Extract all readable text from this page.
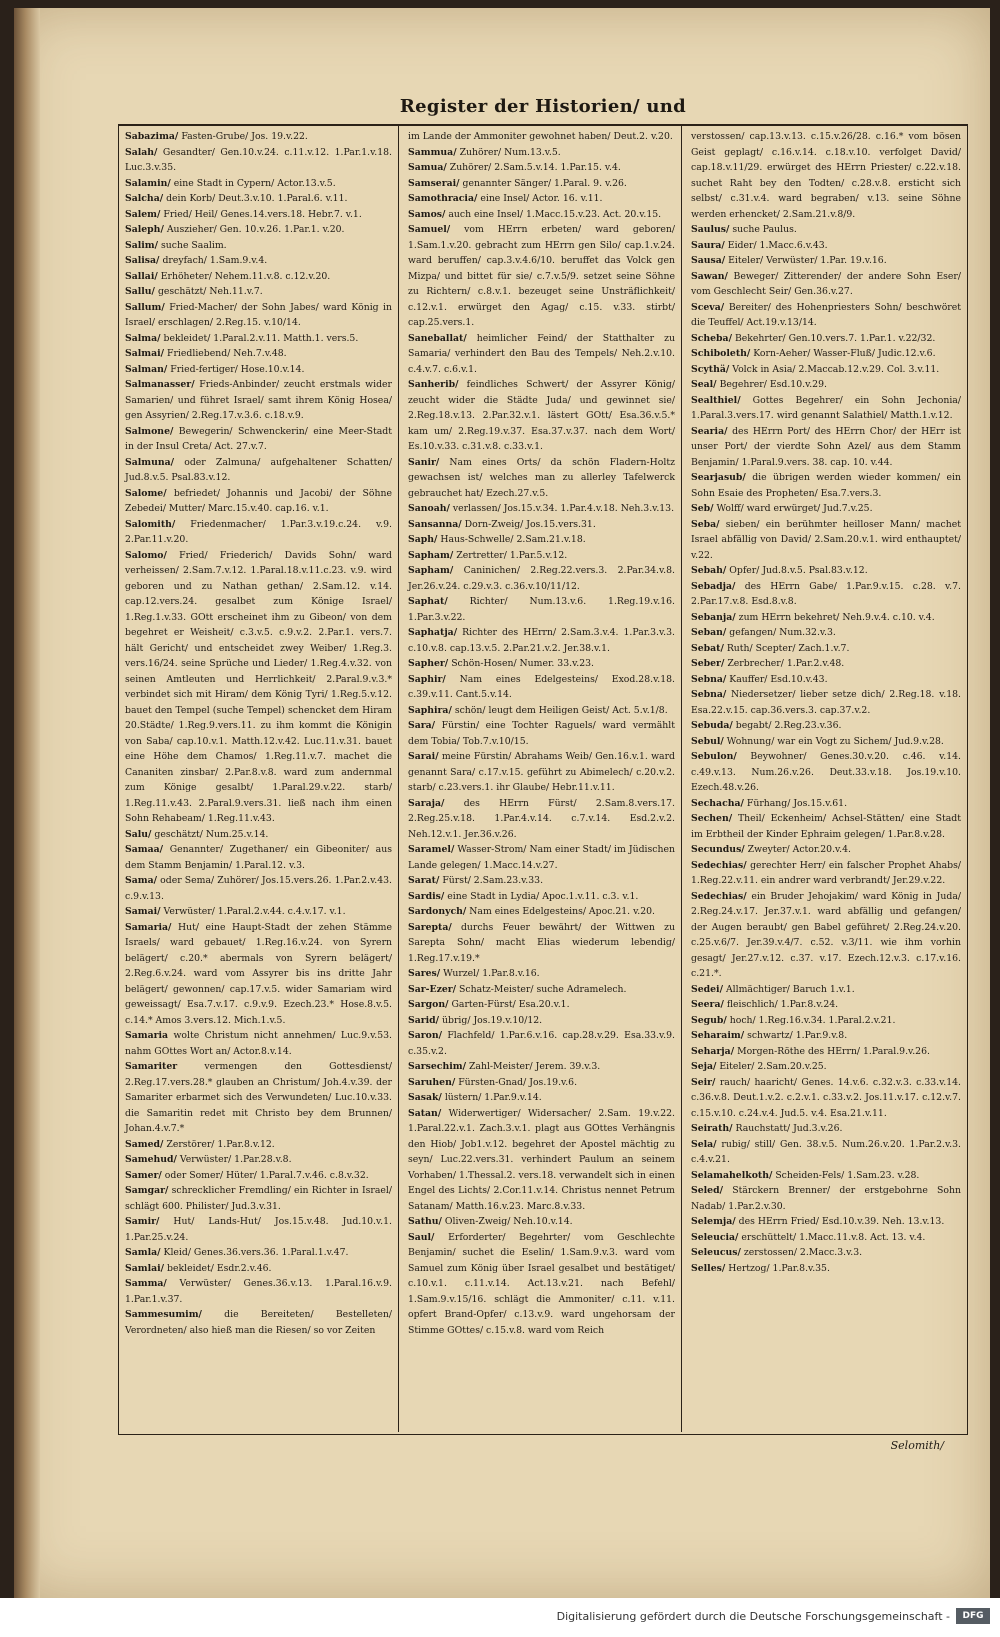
Register der Historien/ und
Sabazima/ Fasten-Grube/ Jos. 19.v.22.
Salah/ Gesandter/ Gen.10.v.24. c.11.v.12. 1.Par.1.v.18. Luc.3.v.35.
Salamin/ eine Stadt in Cypern/ Actor.13.v.5.
Salcha/ dein Korb/ Deut.3.v.10. 1.Paral.6. v.11.
Salem/ Fried/ Heil/ Genes.14.vers.18. Hebr.7. v.1.
Saleph/ Auszieher/ Gen. 10.v.26. 1.Par.1. v.20.
Salim/ suche Saalim.
Salisa/ dreyfach/ 1.Sam.9.v.4.
Sallai/ Erhöheter/ Nehem.11.v.8. c.12.v.20.
Sallu/ geschätzt/ Neh.11.v.7.
Sallum/ Fried-Macher/ der Sohn Jabes/ ward König in Israel/ erschlagen/ 2.Reg.15. v.10/14.
Salma/ bekleidet/ 1.Paral.2.v.11. Matth.1. vers.5.
Salmai/ Friedliebend/ Neh.7.v.48.
Salman/ Fried-fertiger/ Hose.10.v.14.
Salmanasser/ Frieds-Anbinder/ zeucht erstmals wider Samarien/ und führet Israel/ samt ihrem König Hosea/ gen Assyrien/ 2.Reg.17.v.3.6. c.18.v.9.
Salmone/ Bewegerin/ Schwenckerin/ eine Meer-Stadt in der Insul Creta/ Act. 27.v.7.
Salmuna/ oder Zalmuna/ aufgehaltener Schatten/ Jud.8.v.5. Psal.83.v.12.
Salome/ befriedet/ Johannis und Jacobi/ der Söhne Zebedei/ Mutter/ Marc.15.v.40. cap.16. v.1.
Salomith/ Friedenmacher/ 1.Par.3.v.19.c.24. v.9. 2.Par.11.v.20.
Salomo/ Fried/ Friederich/ Davids Sohn/ ward verheissen/ 2.Sam.7.v.12. 1.Paral.18.v.11.c.23. v.9. wird geboren und zu Nathan gethan/ 2.Sam.12. v.14. cap.12.vers.24. gesalbet zum Könige Israel/ 1.Reg.1.v.33. GOtt erscheinet ihm zu Gibeon/ von dem begehret er Weisheit/ c.3.v.5. c.9.v.2. 2.Par.1. vers.7. hält Gericht/ und entscheidet zwey Weiber/ 1.Reg.3. vers.16/24. seine Sprüche und Lieder/ 1.Reg.4.v.32. von seinen Amtleuten und Herrlichkeit/ 2.Paral.9.v.3.* verbindet sich mit Hiram/ dem König Tyri/ 1.Reg.5.v.12. bauet den Tempel (suche Tempel) schencket dem Hiram 20.Städte/ 1.Reg.9.vers.11. zu ihm kommt die Königin von Saba/ cap.10.v.1. Matth.12.v.42. Luc.11.v.31. bauet eine Höhe dem Chamos/ 1.Reg.11.v.7. machet die Cananiten zinsbar/ 2.Par.8.v.8. ward zum andernmal zum Könige gesalbt/ 1.Paral.29.v.22. starb/ 1.Reg.11.v.43. 2.Paral.9.vers.31. ließ nach ihm einen Sohn Rehabeam/ 1.Reg.11.v.43.
Salu/ geschätzt/ Num.25.v.14.
Samaa/ Genannter/ Zugethaner/ ein Gibeoniter/ aus dem Stamm Benjamin/ 1.Paral.12. v.3.
Sama/ oder Sema/ Zuhörer/ Jos.15.vers.26. 1.Par.2.v.43. c.9.v.13.
Samai/ Verwüster/ 1.Paral.2.v.44. c.4.v.17. v.1.
Samaria/ Hut/ eine Haupt-Stadt der zehen Stämme Israels/ ward gebauet/ 1.Reg.16.v.24. von Syrern belägert/ c.20.* abermals von Syrern belägert/ 2.Reg.6.v.24. ward vom Assyrer bis ins dritte Jahr belägert/ gewonnen/ cap.17.v.5. wider Samariam wird geweissagt/ Esa.7.v.17. c.9.v.9. Ezech.23.* Hose.8.v.5. c.14.* Amos 3.vers.12. Mich.1.v.5.
Samaria wolte Christum nicht annehmen/ Luc.9.v.53. nahm GOttes Wort an/ Actor.8.v.14.
Samariter	vermengen den Gottesdienst/ 2.Reg.17.vers.28.* glauben an Christum/ Joh.4.v.39. der Samariter erbarmet sich des Verwundeten/ Luc.10.v.33. die Samaritin redet mit Christo bey dem Brunnen/ Johan.4.v.7.*
Samed/ Zerstörer/ 1.Par.8.v.12.
Samehud/ Verwüster/ 1.Par.28.v.8.
Samer/ oder Somer/ Hüter/ 1.Paral.7.v.46. c.8.v.32.
Samgar/ schrecklicher Fremdling/ ein Richter in Israel/ schlägt 600. Philister/ Jud.3.v.31.
Samir/ Hut/ Lands-Hut/ Jos.15.v.48. Jud.10.v.1. 1.Par.25.v.24.
Samla/ Kleid/ Genes.36.vers.36. 1.Paral.1.v.47.
Samlai/ bekleidet/ Esdr.2.v.46.
Samma/ Verwüster/ Genes.36.v.13. 1.Paral.16.v.9. 1.Par.1.v.37.
Sammesumim/ die Bereiteten/ Bestelleten/ Verordneten/ also hieß man die Riesen/ so vor Zeiten
im Lande der Ammoniter gewohnet haben/ Deut.2. v.20.
Sammua/ Zuhörer/ Num.13.v.5.
Samua/ Zuhörer/ 2.Sam.5.v.14. 1.Par.15. v.4.
Samserai/ genannter Sänger/ 1.Paral. 9. v.26.
Samothracia/ eine Insel/ Actor. 16. v.11.
Samos/ auch eine Insel/ 1.Macc.15.v.23. Act. 20.v.15.
Samuel/ vom HErrn erbeten/ ward geboren/ 1.Sam.1.v.20. gebracht zum HErrn gen Silo/ cap.1.v.24. ward beruffen/ cap.3.v.4.6/10. beruffet das Volck gen Mizpa/ und bittet für sie/ c.7.v.5/9. setzet seine Söhne zu Richtern/ c.8.v.1. bezeuget seine Unsträflichkeit/ c.12.v.1. erwürget den Agag/ c.15. v.33. stirbt/ cap.25.vers.1.
Saneballat/ heimlicher Feind/ der Statthalter zu Samaria/ verhindert den Bau des Tempels/ Neh.2.v.10. c.4.v.7. c.6.v.1.
Sanherib/ feindliches Schwert/ der Assyrer König/ zeucht wider die Städte Juda/ und gewinnet sie/ 2.Reg.18.v.13. 2.Par.32.v.1. lästert GOtt/ Esa.36.v.5.* kam um/ 2.Reg.19.v.37. Esa.37.v.37. nach dem Wort/ Es.10.v.33. c.31.v.8. c.33.v.1.
Sanir/ Nam eines Orts/ da schön Fladern-Holtz gewachsen ist/ welches man zu allerley Tafelwerck gebrauchet hat/ Ezech.27.v.5.
Sanoah/ verlassen/ Jos.15.v.34. 1.Par.4.v.18. Neh.3.v.13.
Sansanna/ Dorn-Zweig/ Jos.15.vers.31.
Saph/ Haus-Schwelle/ 2.Sam.21.v.18.
Sapham/ Zertretter/ 1.Par.5.v.12.
Sapham/ Caninichen/ 2.Reg.22.vers.3. 2.Par.34.v.8. Jer.26.v.24. c.29.v.3. c.36.v.10/11/12.
Saphat/ Richter/ Num.13.v.6. 1.Reg.19.v.16. 1.Par.3.v.22.
Saphatja/ Richter des HErrn/ 2.Sam.3.v.4. 1.Par.3.v.3. c.10.v.8. cap.13.v.5. 2.Par.21.v.2. Jer.38.v.1.
Sapher/ Schön-Hosen/ Numer. 33.v.23.
Saphir/ Nam eines Edelgesteins/ Exod.28.v.18. c.39.v.11. Cant.5.v.14.
Saphira/ schön/ leugt dem Heiligen Geist/ Act. 5.v.1/8.
Sara/ Fürstin/ eine Tochter Raguels/ ward vermählt dem Tobia/ Tob.7.v.10/15.
Sarai/ meine Fürstin/ Abrahams Weib/ Gen.16.v.1. ward genannt Sara/ c.17.v.15. geführt zu Abimelech/ c.20.v.2. starb/ c.23.vers.1. ihr Glaube/ Hebr.11.v.11.
Saraja/ des HErrn Fürst/ 2.Sam.8.vers.17. 2.Reg.25.v.18. 1.Par.4.v.14. c.7.v.14. Esd.2.v.2. Neh.12.v.1. Jer.36.v.26.
Saramel/ Wasser-Strom/ Nam einer Stadt/ im Jüdischen Lande gelegen/ 1.Macc.14.v.27.
Sarat/ Fürst/ 2.Sam.23.v.33.
Sardis/ eine Stadt in Lydia/ Apoc.1.v.11. c.3. v.1.
Sardonych/ Nam eines Edelgesteins/ Apoc.21. v.20.
Sarepta/ durchs Feuer bewährt/ der Wittwen zu Sarepta Sohn/ macht Elias wiederum lebendig/ 1.Reg.17.v.19.*
Sares/ Wurzel/ 1.Par.8.v.16.
Sar-Ezer/ Schatz-Meister/ suche Adramelech.
Sargon/ Garten-Fürst/ Esa.20.v.1.
Sarid/ übrig/ Jos.19.v.10/12.
Saron/ Flachfeld/ 1.Par.6.v.16. cap.28.v.29. Esa.33.v.9. c.35.v.2.
Sarsechim/ Zahl-Meister/ Jerem. 39.v.3.
Saruhen/ Fürsten-Gnad/ Jos.19.v.6.
Sasak/ lüstern/ 1.Par.9.v.14.
Satan/ Widerwertiger/ Widersacher/ 2.Sam. 19.v.22. 1.Paral.22.v.1. Zach.3.v.1. plagt aus GOttes Verhängnis den Hiob/ Job1.v.12. begehret der Apostel mächtig zu seyn/ Luc.22.vers.31. verhindert Paulum an seinem Vorhaben/ 1.Thessal.2. vers.18. verwandelt sich in einen Engel des Lichts/ 2.Cor.11.v.14. Christus nennet Petrum Satanam/ Matth.16.v.23. Marc.8.v.33.
Sathu/ Oliven-Zweig/ Neh.10.v.14.
Saul/ Erforderter/ Begehrter/ vom Geschlechte Benjamin/ suchet die Eselin/ 1.Sam.9.v.3. ward vom Samuel zum König über Israel gesalbet und bestätiget/ c.10.v.1. c.11.v.14. Act.13.v.21. nach Befehl/ 1.Sam.9.v.15/16. schlägt die Ammoniter/ c.11. v.11. opfert Brand-Opfer/ c.13.v.9. ward ungehorsam der Stimme GOttes/ c.15.v.8. ward vom Reich
verstossen/ cap.13.v.13. c.15.v.26/28. c.16.* vom bösen Geist geplagt/ c.16.v.14. c.18.v.10. verfolget David/ cap.18.v.11/29. erwürget des HErrn Priester/ c.22.v.18. suchet Raht bey den Todten/ c.28.v.8. ersticht sich selbst/ c.31.v.4. ward begraben/ v.13. seine Söhne werden erhencket/ 2.Sam.21.v.8/9.
Saulus/ suche Paulus.
Saura/ Eider/ 1.Macc.6.v.43.
Sausa/ Eiteler/ Verwüster/ 1.Par. 19.v.16.
Sawan/ Beweger/ Zitterender/ der andere Sohn Eser/ vom Geschlecht Seir/ Gen.36.v.27.
Sceva/ Bereiter/ des Hohenpriesters Sohn/ beschwöret die Teuffel/ Act.19.v.13/14.
Scheba/ Bekehrter/ Gen.10.vers.7. 1.Par.1. v.22/32.
Schiboleth/ Korn-Aeher/ Wasser-Fluß/ Judic.12.v.6.
Scythä/ Volck in Asia/ 2.Maccab.12.v.29. Col. 3.v.11.
Seal/ Begehrer/ Esd.10.v.29.
Sealthiel/ Gottes Begehrer/ ein Sohn Jechonia/ 1.Paral.3.vers.17. wird genannt Salathiel/ Matth.1.v.12.
Searia/ des HErrn Port/ des HErrn Chor/ der HErr ist unser Port/ der vierdte Sohn Azel/ aus dem Stamm Benjamin/ 1.Paral.9.vers. 38. cap. 10. v.44.
Searjasub/ die übrigen werden wieder kommen/ ein Sohn Esaie des Propheten/ Esa.7.vers.3.
Seb/ Wolff/ ward erwürget/ Jud.7.v.25.
Seba/ sieben/ ein berühmter heilloser Mann/ machet Israel abfällig von David/ 2.Sam.20.v.1. wird enthauptet/ v.22.
Sebah/ Opfer/ Jud.8.v.5. Psal.83.v.12.
Sebadja/ des HErrn Gabe/ 1.Par.9.v.15. c.28. v.7. 2.Par.17.v.8. Esd.8.v.8.
Sebanja/ zum HErrn bekehret/ Neh.9.v.4. c.10. v.4.
Seban/ gefangen/ Num.32.v.3.
Sebat/ Ruth/ Scepter/ Zach.1.v.7.
Seber/ Zerbrecher/ 1.Par.2.v.48.
Sebna/ Kauffer/ Esd.10.v.43.
Sebna/ Niedersetzer/ lieber setze dich/ 2.Reg.18. v.18. Esa.22.v.15. cap.36.vers.3. cap.37.v.2.
Sebuda/ begabt/ 2.Reg.23.v.36.
Sebul/ Wohnung/ war ein Vogt zu Sichem/ Jud.9.v.28.
Sebulon/ Beywohner/ Genes.30.v.20. c.46. v.14. c.49.v.13. Num.26.v.26. Deut.33.v.18. Jos.19.v.10. Ezech.48.v.26.
Sechacha/ Fürhang/ Jos.15.v.61.
Sechen/ Theil/ Eckenheim/ Achsel-Stätten/ eine Stadt im Erbtheil der Kinder Ephraim gelegen/ 1.Par.8.v.28.
Secundus/ Zweyter/ Actor.20.v.4.
Sedechias/ gerechter Herr/ ein falscher Prophet Ahabs/ 1.Reg.22.v.11. ein andrer ward verbrandt/ Jer.29.v.22.
Sedechias/ ein Bruder Jehojakim/ ward König in Juda/ 2.Reg.24.v.17. Jer.37.v.1. ward abfällig und gefangen/ der Augen beraubt/ gen Babel geführet/ 2.Reg.24.v.20. c.25.v.6/7. Jer.39.v.4/7. c.52. v.3/11. wie ihm vorhin gesagt/ Jer.27.v.12. c.37. v.17. Ezech.12.v.3. c.17.v.16. c.21.*.
Sedei/ Allmächtiger/ Baruch 1.v.1.
Seera/ fleischlich/ 1.Par.8.v.24.
Segub/ hoch/ 1.Reg.16.v.34. 1.Paral.2.v.21.
Seharaim/ schwartz/ 1.Par.9.v.8.
Seharja/ Morgen-Röthe des HErrn/ 1.Paral.9.v.26.
Seja/ Eiteler/ 2.Sam.20.v.25.
Seir/ rauch/ haaricht/ Genes. 14.v.6. c.32.v.3. c.33.v.14. c.36.v.8. Deut.1.v.2. c.2.v.1. c.33.v.2. Jos.11.v.17. c.12.v.7. c.15.v.10. c.24.v.4. Jud.5. v.4. Esa.21.v.11.
Seirath/ Rauchstatt/ Jud.3.v.26.
Sela/ rubig/ still/ Gen. 38.v.5. Num.26.v.20. 1.Par.2.v.3. c.4.v.21.
Selamahelkoth/ Scheiden-Fels/ 1.Sam.23. v.28.
Seled/ Stärckern Brenner/ der erstgebohrne Sohn Nadab/ 1.Par.2.v.30.
Selemja/ des HErrn Fried/ Esd.10.v.39. Neh. 13.v.13.
Seleucia/ erschüttelt/ 1.Macc.11.v.8. Act. 13. v.4.
Seleucus/ zerstossen/ 2.Macc.3.v.3.
Selles/ Hertzog/ 1.Par.8.v.35.
Selomith/
Digitalisierung gefördert durch die Deutsche Forschungsgemeinschaft -	DFG
